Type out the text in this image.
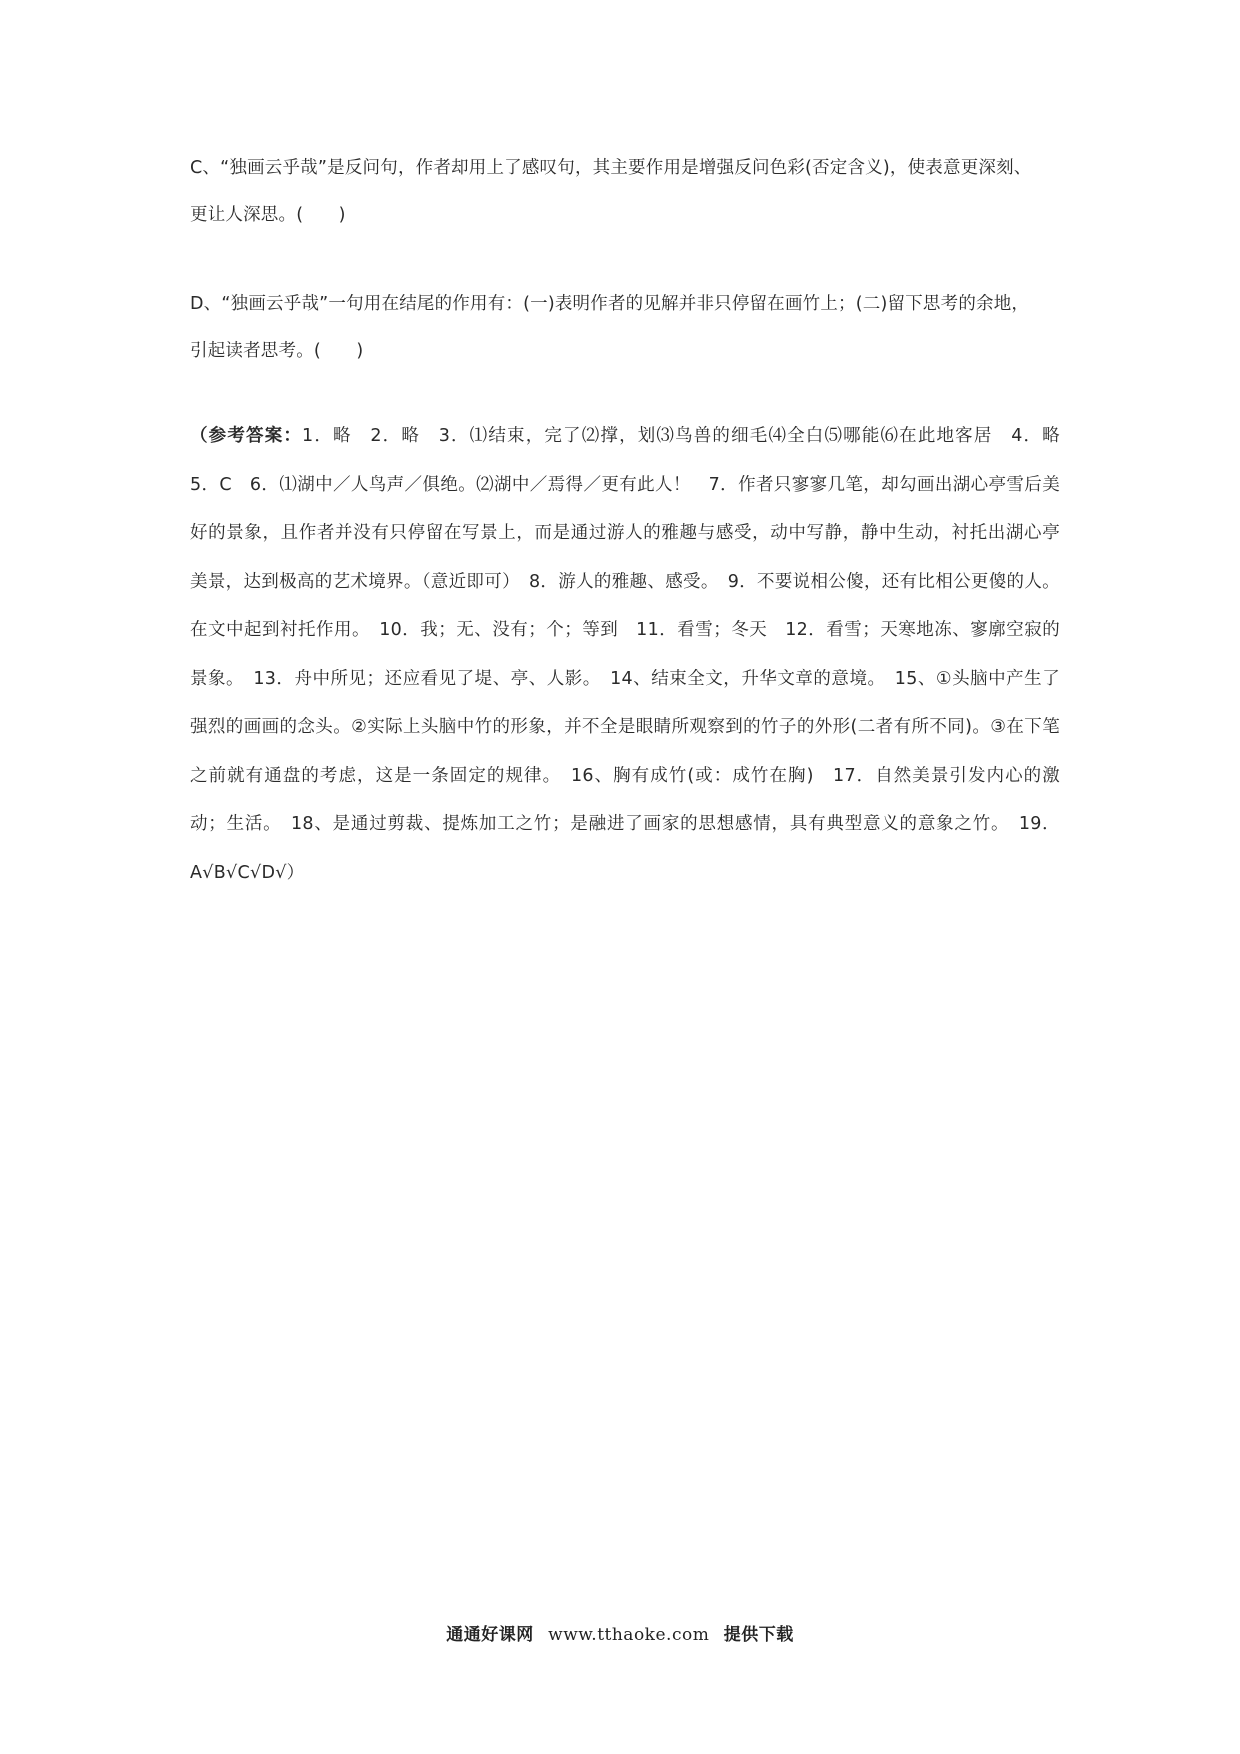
C、“独画云乎哉”是反问句，作者却用上了感叹句，其主要作用是增强反问色彩(否定含义)，使表意更深刻、
更让人深思。(　　)
D、“独画云乎哉”一句用在结尾的作用有：(一)表明作者的见解并非只停留在画竹上；(二)留下思考的余地，
引起读者思考。(　　)
（参考答案：1．略　2．略　3．⑴结束，完了⑵撑，划⑶鸟兽的细毛⑷全白⑸哪能⑹在此地客居　4．略　5．C　6．⑴湖中／人鸟声／俱绝。⑵湖中／焉得／更有此人！　7．作者只寥寥几笔，却勾画出湖心亭雪后美好的景象，且作者并没有只停留在写景上，而是通过游人的雅趣与感受，动中写静，静中生动，衬托出湖心亭美景，达到极高的艺术境界。（意近即可）　8．游人的雅趣、感受。　9．不要说相公傻，还有比相公更傻的人。在文中起到衬托作用。　10．我；无、没有；个；等到　11．看雪；冬天　12．看雪；天寒地冻、寥廓空寂的景象。　13．舟中所见；还应看见了堤、亭、人影。　14、结束全文，升华文章的意境。　15、①头脑中产生了强烈的画画的念头。②实际上头脑中竹的形象，并不全是眼睛所观察到的竹子的外形(二者有所不同)。③在下笔之前就有通盘的考虑，这是一条固定的规律。　16、胸有成竹(或：成竹在胸)　17．自然美景引发内心的激动；生活。　18、是通过剪裁、提炼加工之竹；是融进了画家的思想感情，具有典型意义的意象之竹。　19．A√B√C√D√）
通通好课网 www.tthaoke.com 提供下载
